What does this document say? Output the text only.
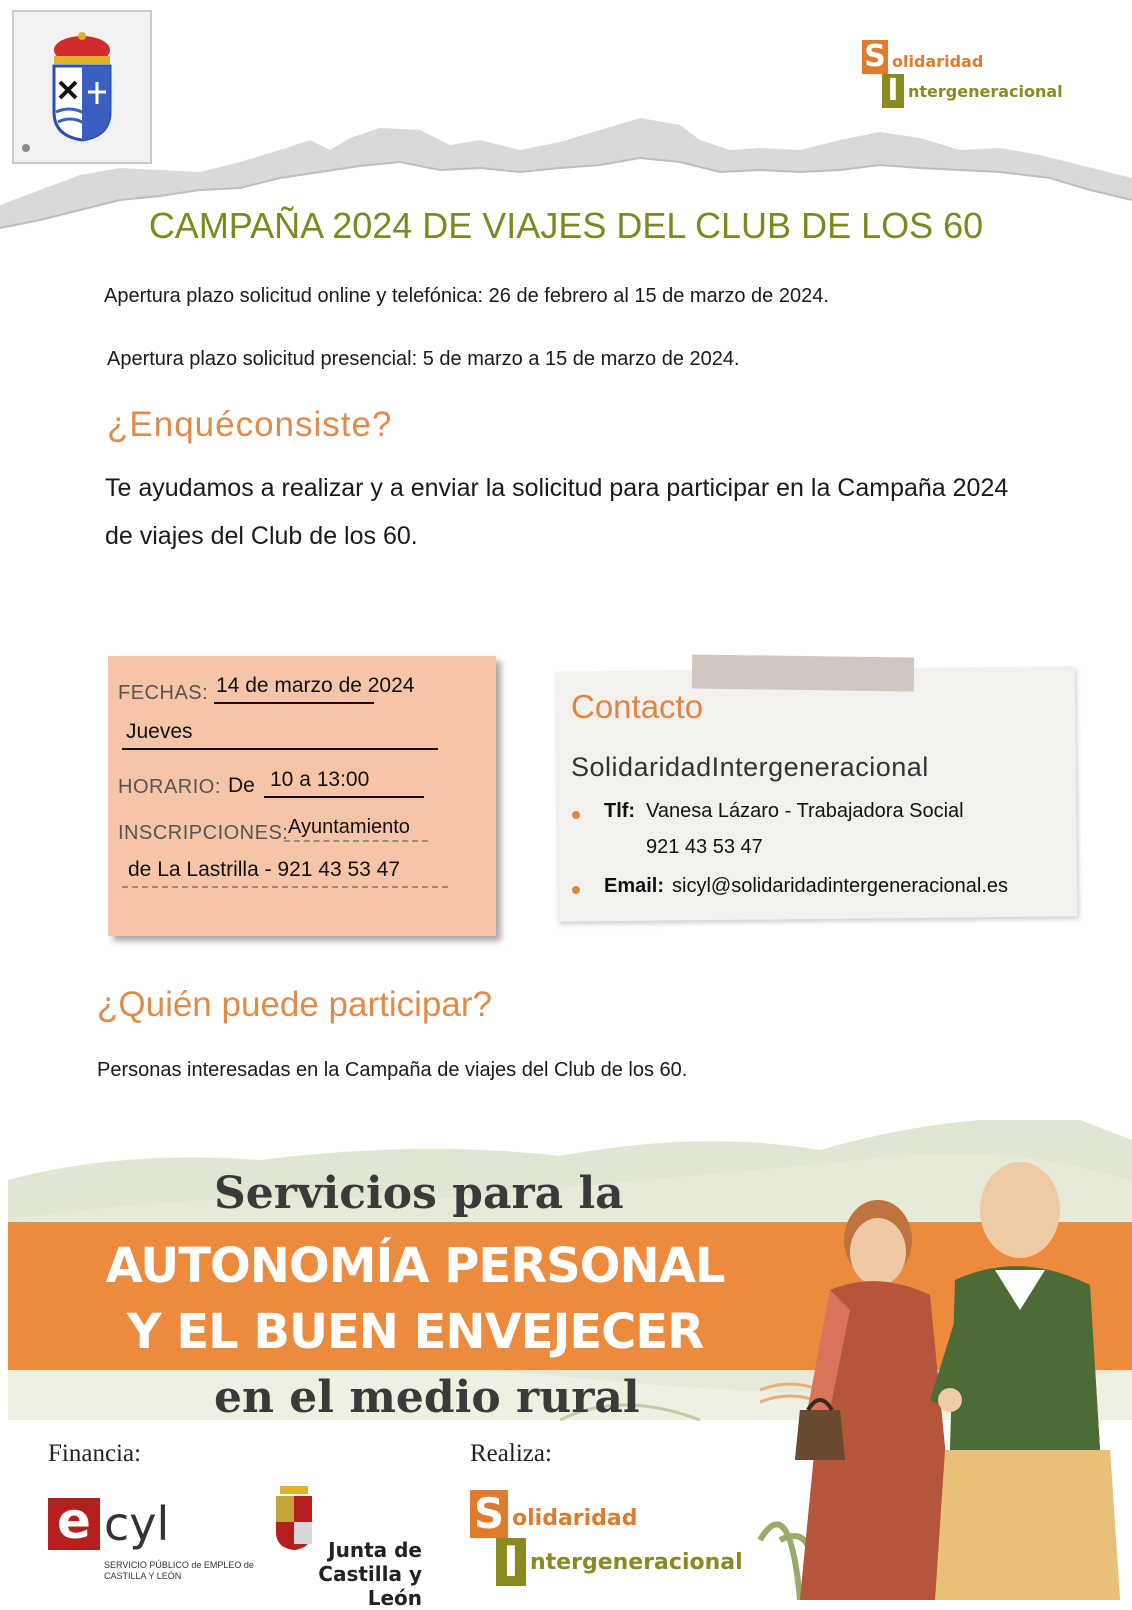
S olidaridad
I ntergeneracional
CAMPAÑA 2024 DE VIAJES DEL CLUB DE LOS 60
Apertura plazo solicitud online y telefónica: 26 de febrero al 15 de marzo de 2024.
Apertura plazo solicitud presencial: 5 de marzo a 15 de marzo de 2024.
¿Enquéconsiste?
Te ayudamos a realizar y a enviar la solicitud para participar en la Campaña 2024 de viajes del Club de los 60.
FECHAS: 14 de marzo de 2024
Jueves
HORARIO: De 10 a 13:00
INSCRIPCIONES: Ayuntamiento
de La Lastrilla - 921 43 53 47
Contacto
SolidaridadIntergeneracional
Tlf: Vanesa Lázaro - Trabajadora Social
921 43 53 47
Email: sicyl@solidaridadintergeneracional.es
¿Quién puede participar?
Personas interesadas en la Campaña de viajes del Club de los 60.
Servicios para la
AUTONOMÍA PERSONAL
Y EL BUEN ENVEJECER
en el medio rural
Financia:	Realiza:
e cyl
SERVICIO PÚBLICO de EMPLEO de CASTILLA Y LEÓN
Junta de
Castilla y León
S olidaridad
I ntergeneracional
